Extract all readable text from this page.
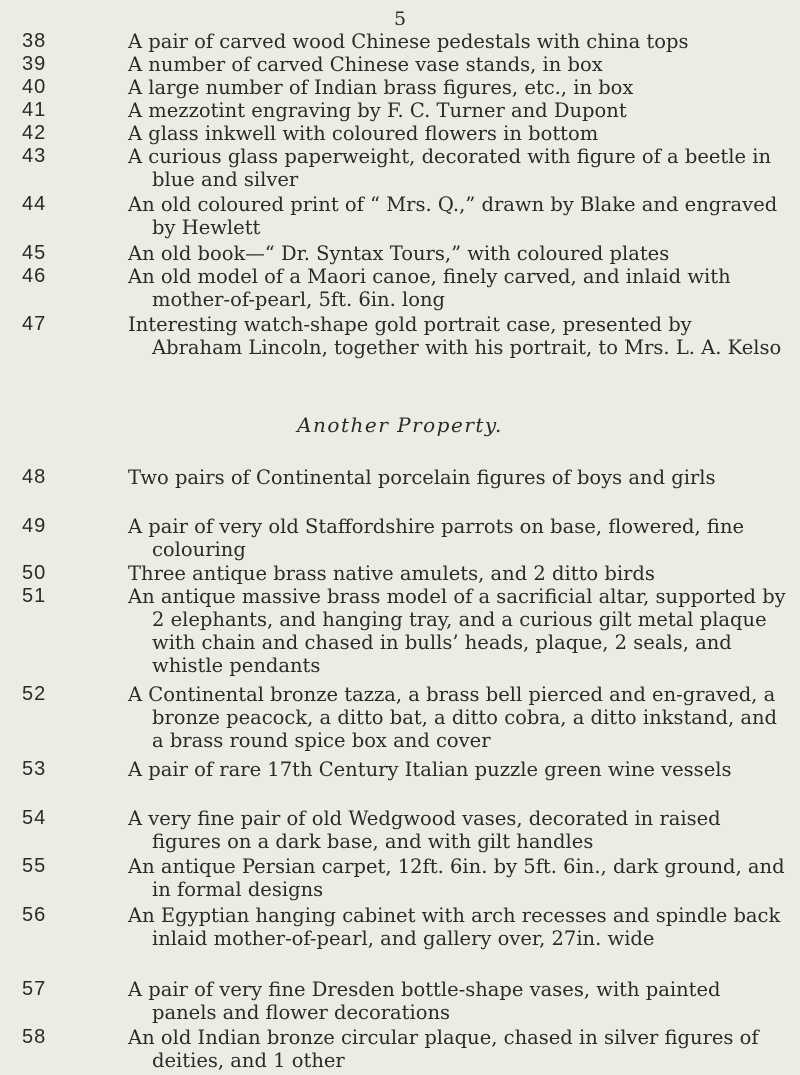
5
38	A pair of carved wood Chinese pedestals with china tops
39	A number of carved Chinese vase stands, in box
40	A large number of Indian brass figures, etc., in box
41	A mezzotint engraving by F. C. Turner and Dupont
42	A glass inkwell with coloured flowers in bottom
43	A curious glass paperweight, decorated with figure of a beetle in blue and silver
44	An old coloured print of “ Mrs. Q.,” drawn by Blake and engraved by Hewlett
45	An old book—“ Dr. Syntax Tours,” with coloured plates
46	An old model of a Maori canoe, finely carved, and inlaid with mother-of-pearl, 5ft. 6in. long
47	Interesting watch-shape gold portrait case, presented by Abraham Lincoln, together with his portrait, to Mrs. L. A. Kelso
Another Property.
48	Two pairs of Continental porcelain figures of boys and girls
49	A pair of very old Staffordshire parrots on base, flowered, fine colouring
50	Three antique brass native amulets, and 2 ditto birds
51	An antique massive brass model of a sacrificial altar, supported by 2 elephants, and hanging tray, and a curious gilt metal plaque with chain and chased in bulls’ heads, plaque, 2 seals, and whistle pendants
52	A Continental bronze tazza, a brass bell pierced and en-graved, a bronze peacock, a ditto bat, a ditto cobra, a ditto inkstand, and a brass round spice box and cover
53	A pair of rare 17th Century Italian puzzle green wine vessels
54	A very fine pair of old Wedgwood vases, decorated in raised figures on a dark base, and with gilt handles
55	An antique Persian carpet, 12ft. 6in. by 5ft. 6in., dark ground, and in formal designs
56	An Egyptian hanging cabinet with arch recesses and spindle back inlaid mother-of-pearl, and gallery over, 27in. wide
57	A pair of very fine Dresden bottle-shape vases, with painted panels and flower decorations
58	An old Indian bronze circular plaque, chased in silver figures of deities, and 1 other
